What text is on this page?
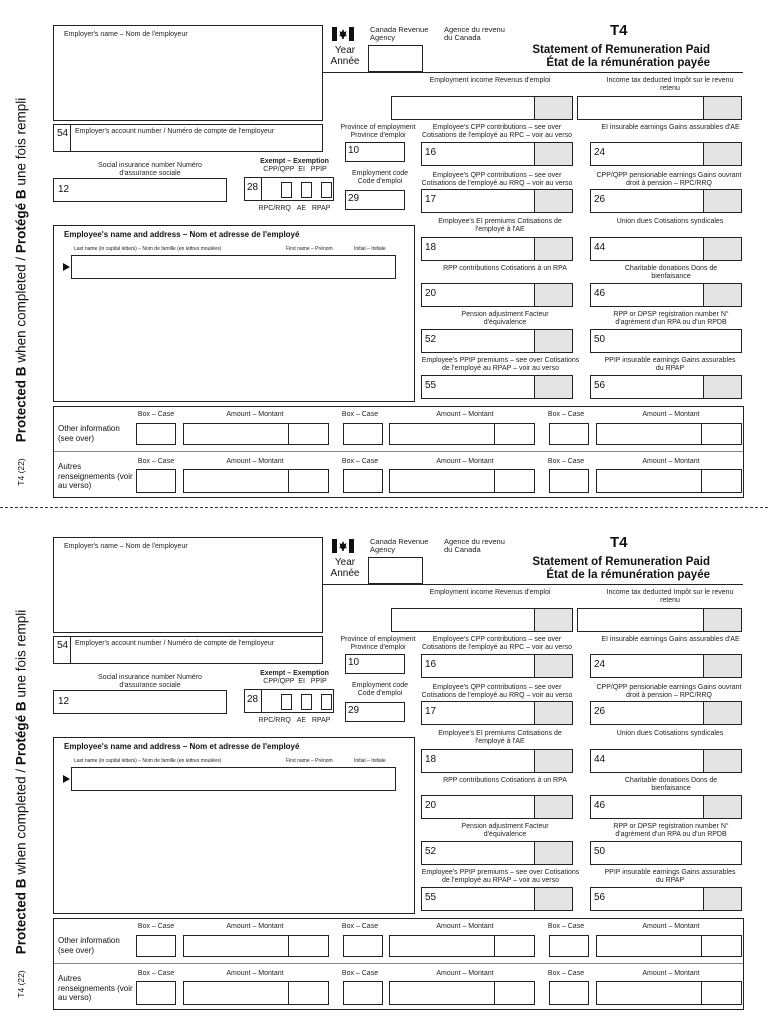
Protected B when completed / Protégé B une fois rempli
T4 (22)
Employer's name – Nom de l'employeur
Canada Revenue Agency
Agence du revenu du Canada
Year Année
T4
Statement of Remuneration Paid
État de la rémunération payée
Employment income Revenus d'emploi	Income tax deducted Impôt sur le revenu retenu
Employer's account number / Numéro de compte de l'employeur
54
Social insurance number Numéro d'assurance sociale
12
Exempt – Exemption
CPP/QPP EI PPIP
28
RPC/RRQ AE RPAP
Province of employment Province d'emploi
10
Employment code Code d'emploi
29
Employee's CPP contributions – see over Cotisations de l'employé au RPC – voir au verso
16
EI insurable earnings Gains assurables d'AE
24
Employee's QPP contributions – see over Cotisations de l'employé au RRQ – voir au verso
17
CPP/QPP pensionable earnings Gains ouvrant droit à pension – RPC/RRQ
26
Employee's EI premiums Cotisations de l'employé à l'AE
18
Union dues Cotisations syndicales
44
RPP contributions Cotisations à un RPA
20
Charitable donations Dons de bienfaisance
46
Pension adjustment Facteur d'équivalence
52
RPP or DPSP registration number N° d'agrément d'un RPA ou d'un RPDB
50
Employee's PPIP premiums – see over Cotisations de l'employé au RPAP – voir au verso
55
PPIP insurable earnings Gains assurables du RPAP
56
Employee's name and address – Nom et adresse de l'employé
Last name (in capital letters) – Nom de famille (en lettres moulées)	First name – Prénom	Initial – Initiale
Other information (see over)
Autres renseignements (voir au verso)
Box – Case	Amount – Montant	Box – Case	Amount – Montant	Box – Case	Amount – Montant
Box – Case	Amount – Montant	Box – Case	Amount – Montant	Box – Case	Amount – Montant
Protected B when completed / Protégé B une fois rempli
T4 (22)
Employer's name – Nom de l'employeur
Canada Revenue Agency
Agence du revenu du Canada
Year Année
T4
Statement of Remuneration Paid
État de la rémunération payée
Employment income Revenus d'emploi	Income tax deducted Impôt sur le revenu retenu
Employer's account number / Numéro de compte de l'employeur
54
Social insurance number Numéro d'assurance sociale
12
Exempt – Exemption
CPP/QPP EI PPIP
28
RPC/RRQ AE RPAP
Province of employment Province d'emploi
10
Employment code Code d'emploi
29
Employee's CPP contributions – see over Cotisations de l'employé au RPC – voir au verso
16
EI insurable earnings Gains assurables d'AE
24
Employee's QPP contributions – see over Cotisations de l'employé au RRQ – voir au verso
17
CPP/QPP pensionable earnings Gains ouvrant droit à pension – RPC/RRQ
26
Employee's EI premiums Cotisations de l'employé à l'AE
18
Union dues Cotisations syndicales
44
RPP contributions Cotisations à un RPA
20
Charitable donations Dons de bienfaisance
46
Pension adjustment Facteur d'équivalence
52
RPP or DPSP registration number N° d'agrément d'un RPA ou d'un RPDB
50
Employee's PPIP premiums – see over Cotisations de l'employé au RPAP – voir au verso
55
PPIP insurable earnings Gains assurables du RPAP
56
Employee's name and address – Nom et adresse de l'employé
Last name (in capital letters) – Nom de famille (en lettres moulées)	First name – Prénom	Initial – Initiale
Other information (see over)
Autres renseignements (voir au verso)
Box – Case	Amount – Montant	Box – Case	Amount – Montant	Box – Case	Amount – Montant
Box – Case	Amount – Montant	Box – Case	Amount – Montant	Box – Case	Amount – Montant
